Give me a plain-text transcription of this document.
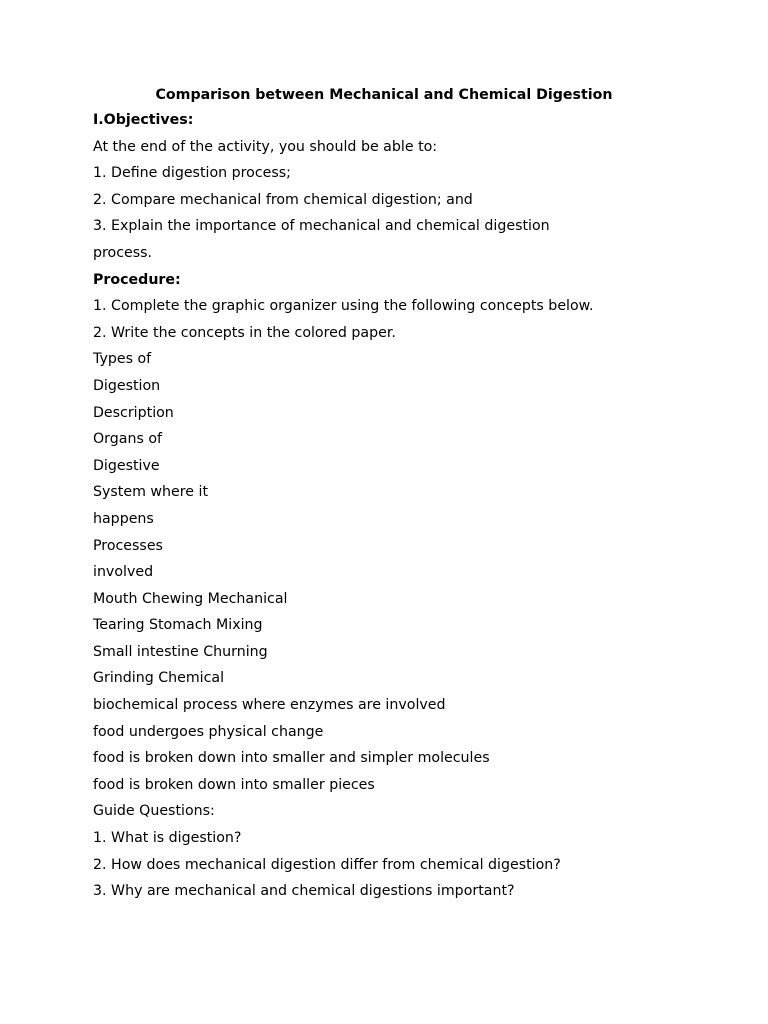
Comparison between Mechanical and Chemical Digestion
I.Objectives:
At the end of the activity, you should be able to:
1. Define digestion process;
2. Compare mechanical from chemical digestion; and
3. Explain the importance of mechanical and chemical digestion
process.
Procedure:
1. Complete the graphic organizer using the following concepts below.
2. Write the concepts in the colored paper.
Types of
Digestion
Description
Organs of
Digestive
System where it
happens
Processes
involved
Mouth Chewing Mechanical
Tearing Stomach Mixing
Small intestine Churning
Grinding Chemical
biochemical process where enzymes are involved
food undergoes physical change
food is broken down into smaller and simpler molecules
food is broken down into smaller pieces
Guide Questions:
1. What is digestion?
2. How does mechanical digestion differ from chemical digestion?
3. Why are mechanical and chemical digestions important?
